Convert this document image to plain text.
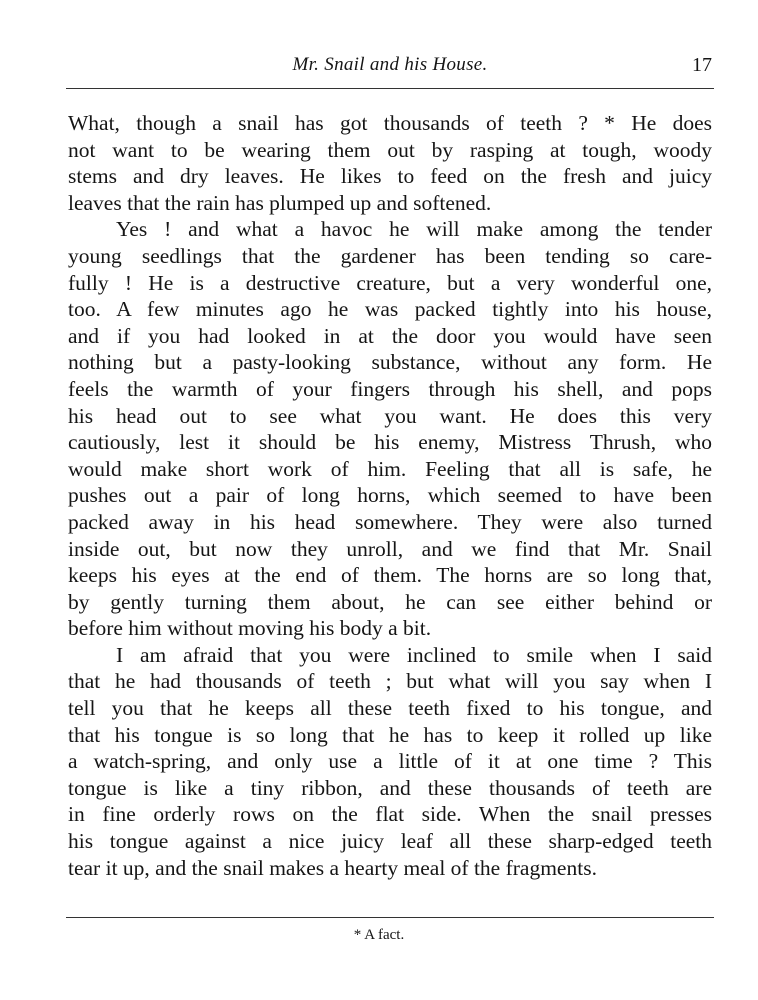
Mr. Snail and his House.	17
What, though a snail has got thousands of teeth ? * He does
not want to be wearing them out by rasping at tough, woody
stems and dry leaves. He likes to feed on the fresh and juicy
leaves that the rain has plumped up and softened.
Yes ! and what a havoc he will make among the tender
young seedlings that the gardener has been tending so care-
fully ! He is a destructive creature, but a very wonderful one,
too. A few minutes ago he was packed tightly into his house,
and if you had looked in at the door you would have seen
nothing but a pasty-looking substance, without any form. He
feels the warmth of your fingers through his shell, and pops
his head out to see what you want. He does this very
cautiously, lest it should be his enemy, Mistress Thrush, who
would make short work of him. Feeling that all is safe, he
pushes out a pair of long horns, which seemed to have been
packed away in his head somewhere. They were also turned
inside out, but now they unroll, and we find that Mr. Snail
keeps his eyes at the end of them. The horns are so long that,
by gently turning them about, he can see either behind or
before him without moving his body a bit.
I am afraid that you were inclined to smile when I said
that he had thousands of teeth ; but what will you say when I
tell you that he keeps all these teeth fixed to his tongue, and
that his tongue is so long that he has to keep it rolled up like
a watch-spring, and only use a little of it at one time ? This
tongue is like a tiny ribbon, and these thousands of teeth are
in fine orderly rows on the flat side. When the snail presses
his tongue against a nice juicy leaf all these sharp-edged teeth
tear it up, and the snail makes a hearty meal of the fragments.
* A fact.
